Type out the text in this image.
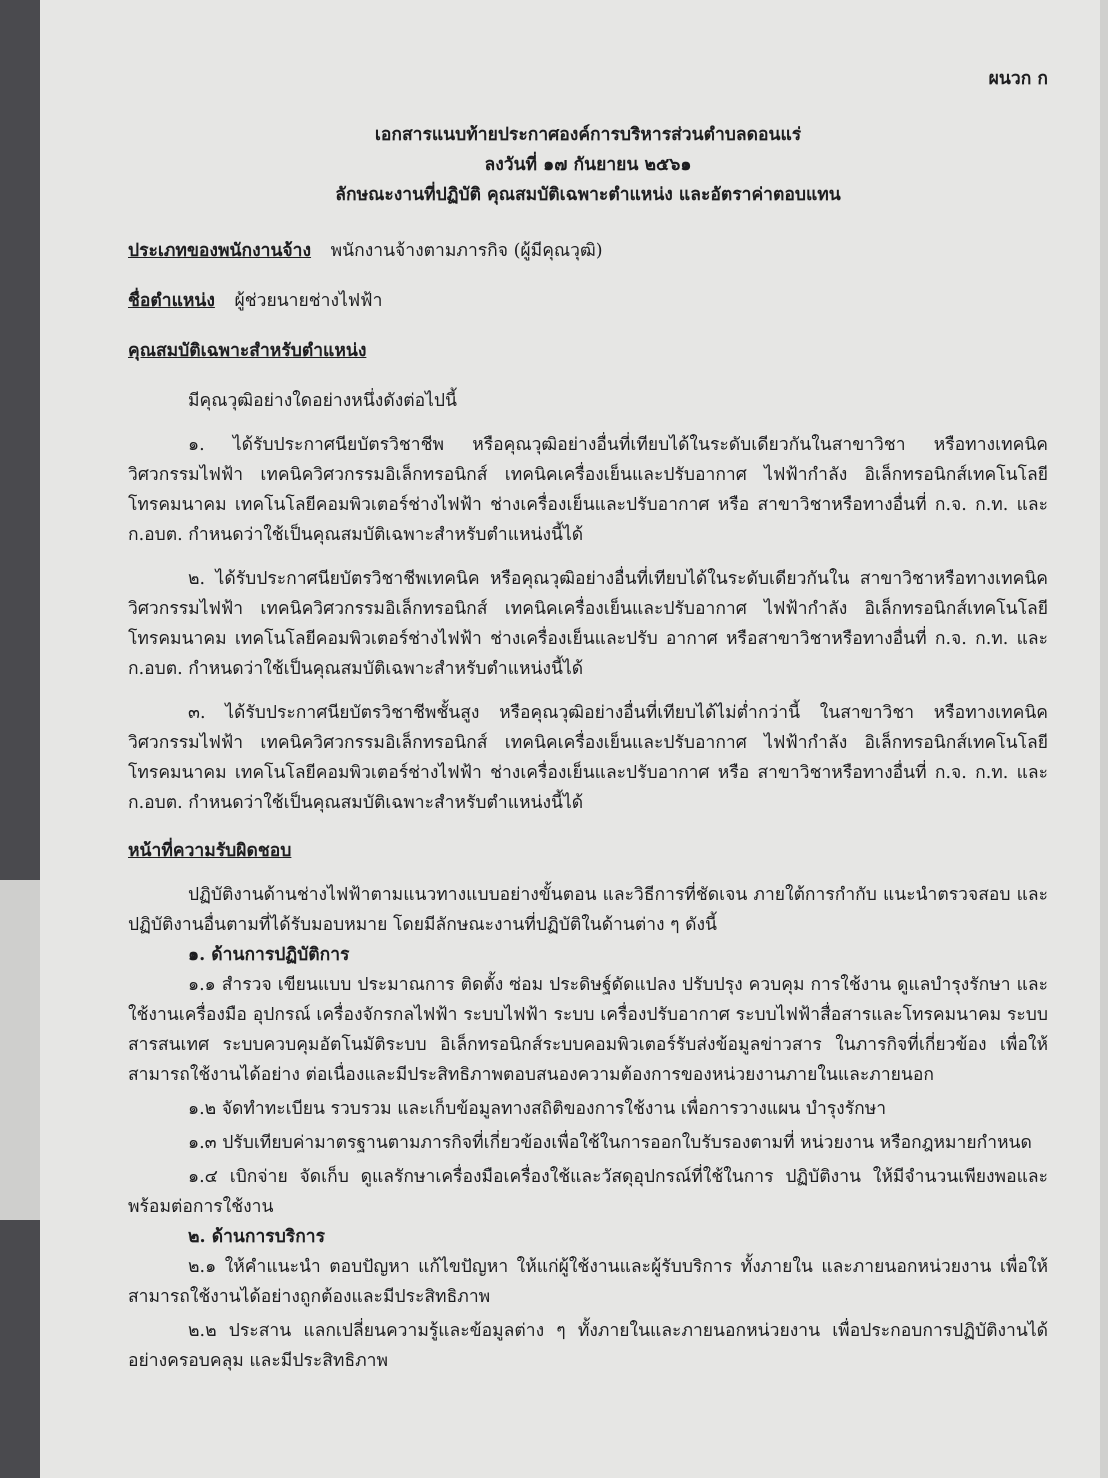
ผนวก ก

เอกสารแนบท้ายประกาศองค์การบริหารส่วนตำบลดอนแร่

ลงวันที่ ๑๗ กันยายน ๒๕๖๑

ลักษณะงานที่ปฏิบัติ คุณสมบัติเฉพาะตำแหน่ง และอัตราค่าตอบแทน

ประเภทของพนักงานจ้าง พนักงานจ้างตามภารกิจ (ผู้มีคุณวุฒิ)

ชื่อตำแหน่ง ผู้ช่วยนายช่างไฟฟ้า

คุณสมบัติเฉพาะสำหรับตำแหน่ง

มีคุณวุฒิอย่างใดอย่างหนึ่งดังต่อไปนี้

๑. ได้รับประกาศนียบัตรวิชาชีพ หรือคุณวุฒิอย่างอื่นที่เทียบได้ในระดับเดียวกันในสาขาวิชา หรือทางเทคนิควิศวกรรมไฟฟ้า เทคนิควิศวกรรมอิเล็กทรอนิกส์ เทคนิคเครื่องเย็นและปรับอากาศ ไฟฟ้ากำลัง อิเล็กทรอนิกส์เทคโนโลยีโทรคมนาคม เทคโนโลยีคอมพิวเตอร์ช่างไฟฟ้า ช่างเครื่องเย็นและปรับอากาศ หรือ สาขาวิชาหรือทางอื่นที่ ก.จ. ก.ท. และ ก.อบต. กำหนดว่าใช้เป็นคุณสมบัติเฉพาะสำหรับตำแหน่งนี้ได้

๒. ได้รับประกาศนียบัตรวิชาชีพเทคนิค หรือคุณวุฒิอย่างอื่นที่เทียบได้ในระดับเดียวกันใน สาขาวิชาหรือทางเทคนิควิศวกรรมไฟฟ้า เทคนิควิศวกรรมอิเล็กทรอนิกส์ เทคนิคเครื่องเย็นและปรับอากาศ ไฟฟ้ากำลัง อิเล็กทรอนิกส์เทคโนโลยีโทรคมนาคม เทคโนโลยีคอมพิวเตอร์ช่างไฟฟ้า ช่างเครื่องเย็นและปรับ อากาศ หรือสาขาวิชาหรือทางอื่นที่ ก.จ. ก.ท. และ ก.อบต. กำหนดว่าใช้เป็นคุณสมบัติเฉพาะสำหรับตำแหน่งนี้ได้

๓. ได้รับประกาศนียบัตรวิชาชีพชั้นสูง หรือคุณวุฒิอย่างอื่นที่เทียบได้ไม่ต่ำกว่านี้ ในสาขาวิชา หรือทางเทคนิควิศวกรรมไฟฟ้า เทคนิควิศวกรรมอิเล็กทรอนิกส์ เทคนิคเครื่องเย็นและปรับอากาศ ไฟฟ้ากำลัง อิเล็กทรอนิกส์เทคโนโลยีโทรคมนาคม เทคโนโลยีคอมพิวเตอร์ช่างไฟฟ้า ช่างเครื่องเย็นและปรับอากาศ หรือ สาขาวิชาหรือทางอื่นที่ ก.จ. ก.ท. และ ก.อบต. กำหนดว่าใช้เป็นคุณสมบัติเฉพาะสำหรับตำแหน่งนี้ได้

หน้าที่ความรับผิดชอบ

ปฏิบัติงานด้านช่างไฟฟ้าตามแนวทางแบบอย่างขั้นตอน และวิธีการที่ชัดเจน ภายใต้การกำกับ แนะนำตรวจสอบ และปฏิบัติงานอื่นตามที่ได้รับมอบหมาย โดยมีลักษณะงานที่ปฏิบัติในด้านต่าง ๆ ดังนี้

๑. ด้านการปฏิบัติการ

๑.๑ สำรวจ เขียนแบบ ประมาณการ ติดตั้ง ซ่อม ประดิษฐ์ดัดแปลง ปรับปรุง ควบคุม การใช้งาน ดูแลบำรุงรักษา และใช้งานเครื่องมือ อุปกรณ์ เครื่องจักรกลไฟฟ้า ระบบไฟฟ้า ระบบ เครื่องปรับอากาศ ระบบไฟฟ้าสื่อสารและโทรคมนาคม ระบบสารสนเทศ ระบบควบคุมอัตโนมัติระบบ อิเล็กทรอนิกส์ระบบคอมพิวเตอร์รับส่งข้อมูลข่าวสาร ในภารกิจที่เกี่ยวข้อง เพื่อให้สามารถใช้งานได้อย่าง ต่อเนื่องและมีประสิทธิภาพตอบสนองความต้องการของหน่วยงานภายในและภายนอก

๑.๒ จัดทำทะเบียน รวบรวม และเก็บข้อมูลทางสถิติของการใช้งาน เพื่อการวางแผน บำรุงรักษา

๑.๓ ปรับเทียบค่ามาตรฐานตามภารกิจที่เกี่ยวข้องเพื่อใช้ในการออกใบรับรองตามที่ หน่วยงาน หรือกฎหมายกำหนด

๑.๔ เบิกจ่าย จัดเก็บ ดูแลรักษาเครื่องมือเครื่องใช้และวัสดุอุปกรณ์ที่ใช้ในการ ปฏิบัติงาน ให้มีจำนวนเพียงพอและพร้อมต่อการใช้งาน

๒. ด้านการบริการ

๒.๑ ให้คำแนะนำ ตอบปัญหา แก้ไขปัญหา ให้แก่ผู้ใช้งานและผู้รับบริการ ทั้งภายใน และภายนอกหน่วยงาน เพื่อให้สามารถใช้งานได้อย่างถูกต้องและมีประสิทธิภาพ

๒.๒ ประสาน แลกเปลี่ยนความรู้และข้อมูลต่าง ๆ ทั้งภายในและภายนอกหน่วยงาน เพื่อประกอบการปฏิบัติงานได้อย่างครอบคลุม และมีประสิทธิภาพ
